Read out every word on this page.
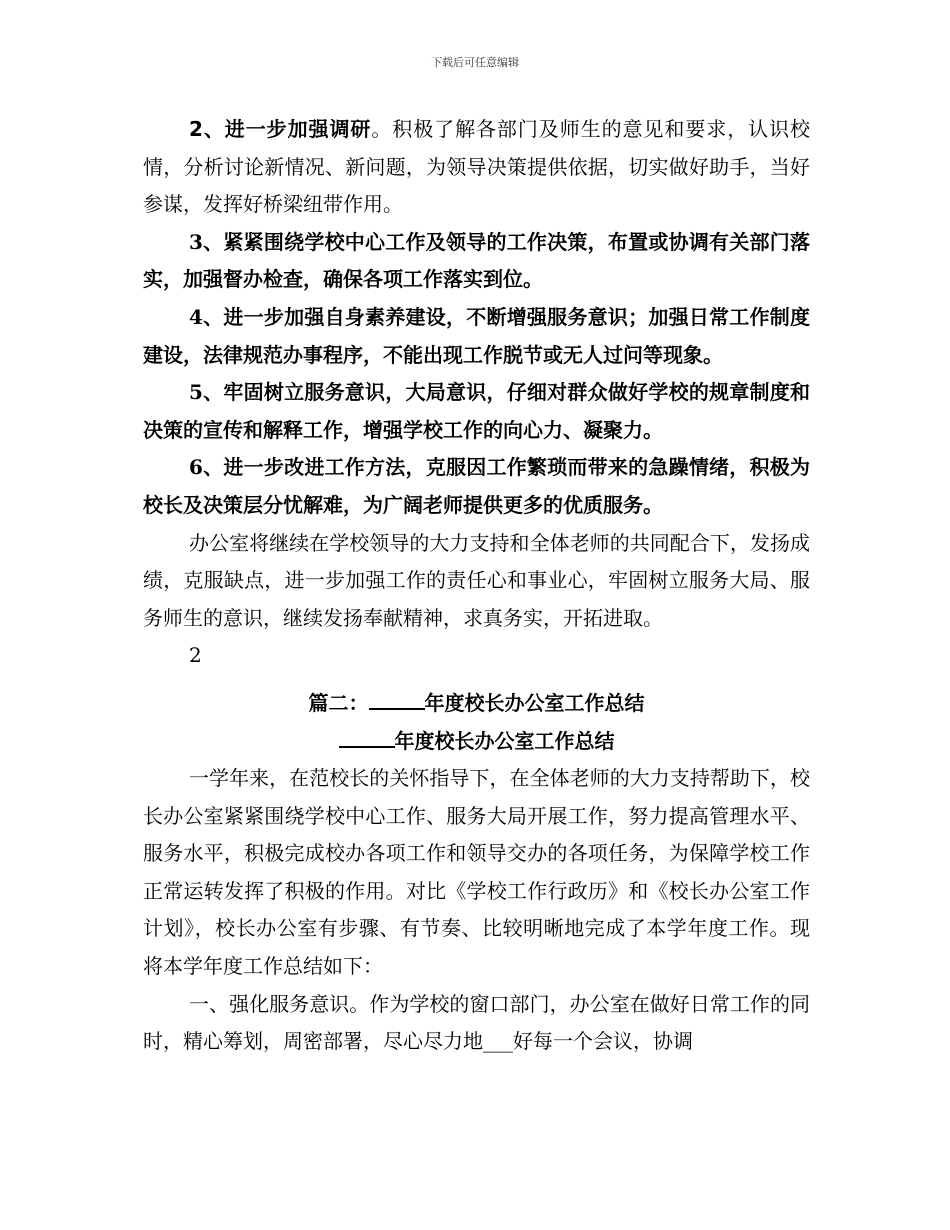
下载后可任意编辑

2、进一步加强调研。积极了解各部门及师生的意见和要求，认识校情，分析讨论新情况、新问题，为领导决策提供依据，切实做好助手，当好参谋，发挥好桥梁纽带作用。

3、紧紧围绕学校中心工作及领导的工作决策，布置或协调有关部门落实，加强督办检查，确保各项工作落实到位。

4、进一步加强自身素养建设，不断增强服务意识；加强日常工作制度建设，法律规范办事程序，不能出现工作脱节或无人过问等现象。

5、牢固树立服务意识，大局意识，仔细对群众做好学校的规章制度和决策的宣传和解释工作，增强学校工作的向心力、凝聚力。

6、进一步改进工作方法，克服因工作繁琐而带来的急躁情绪，积极为校长及决策层分忧解难，为广阔老师提供更多的优质服务。

办公室将继续在学校领导的大力支持和全体老师的共同配合下，发扬成绩，克服缺点，进一步加强工作的责任心和事业心，牢固树立服务大局、服务师生的意识，继续发扬奉献精神，求真务实，开拓进取。

2

篇二：	年度校长办公室工作总结

年度校长办公室工作总结

一学年来，在范校长的关怀指导下，在全体老师的大力支持帮助下，校长办公室紧紧围绕学校中心工作、服务大局开展工作，努力提高管理水平、服务水平，积极完成校办各项工作和领导交办的各项任务，为保障学校工作正常运转发挥了积极的作用。对比《学校工作行政历》和《校长办公室工作计划》，校长办公室有步骤、有节奏、比较明晰地完成了本学年度工作。现将本学年度工作总结如下：

一、强化服务意识。作为学校的窗口部门，办公室在做好日常工作的同时，精心筹划，周密部署，尽心尽力地___好每一个会议，协调
